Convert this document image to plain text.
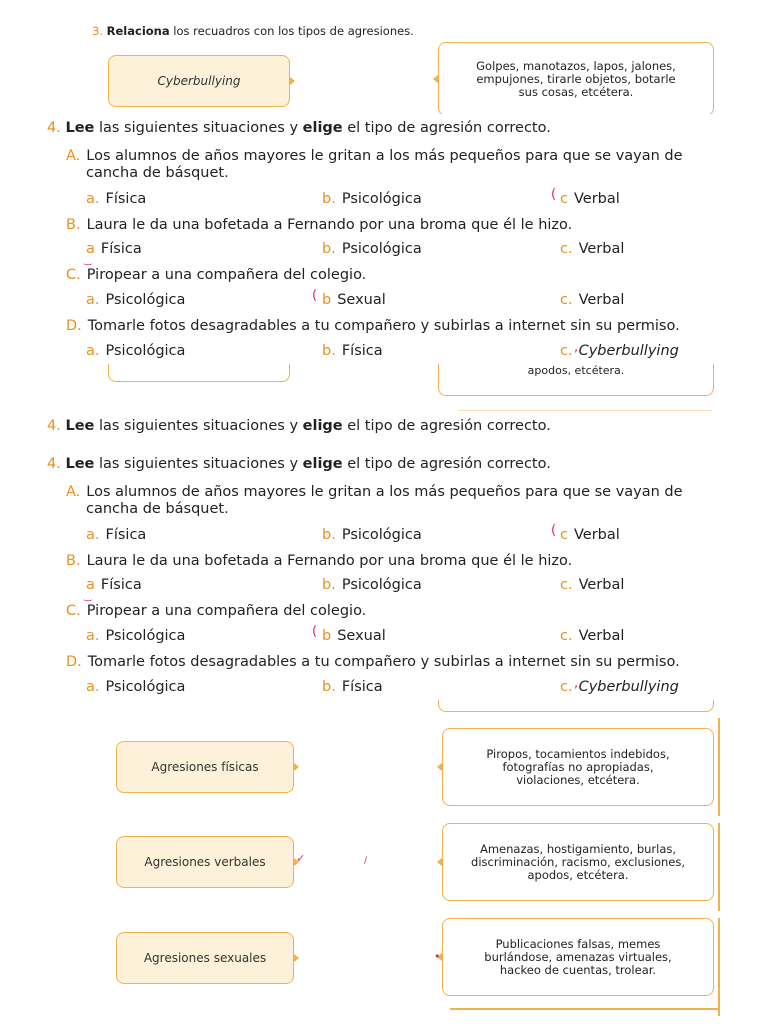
3. Relaciona los recuadros con los tipos de agresiones.
Cyberbullying
Golpes, manotazos, lapos, jalones,
empujones, tirarle objetos, botarle
sus cosas, etcétera.
4. Lee las siguientes situaciones y elige el tipo de agresión correcto.
A. Los alumnos de años mayores le gritan a los más pequeños para que se vayan de
cancha de básquet.
a. Física	b. Psicológica	c Verbal
(
B. Laura le da una bofetada a Fernando por una broma que él le hizo.
a Física	b. Psicológica	c. Verbal
‿
C. Piropear a una compañera del colegio.
a. Psicológica	b Sexual	c. Verbal
(
D. Tomarle fotos desagradables a tu compañero y subirlas a internet sin su permiso.
a. Psicológica	b. Física	c. Cyberbullying
,
apodos, etcétera.
4. Lee las siguientes situaciones y elige el tipo de agresión correcto.
4. Lee las siguientes situaciones y elige el tipo de agresión correcto.
A. Los alumnos de años mayores le gritan a los más pequeños para que se vayan de
cancha de básquet.
a. Física	b. Psicológica	c Verbal
(
B. Laura le da una bofetada a Fernando por una broma que él le hizo.
a Física	b. Psicológica	c. Verbal
‿
C. Piropear a una compañera del colegio.
a. Psicológica	b Sexual	c. Verbal
(
D. Tomarle fotos desagradables a tu compañero y subirlas a internet sin su permiso.
a. Psicológica	b. Física	c. Cyberbullying
,
Agresiones físicas
Agresiones verbales
Agresiones sexuales
Piropos, tocamientos indebidos,
fotografías no apropiadas,
violaciones, etcétera.
Amenazas, hostigamiento, burlas,
discriminación, racismo, exclusiones,
apodos, etcétera.
Publicaciones falsas, memes
burlándose, amenazas virtuales,
hackeo de cuentas, trolear.
✓	/
•
